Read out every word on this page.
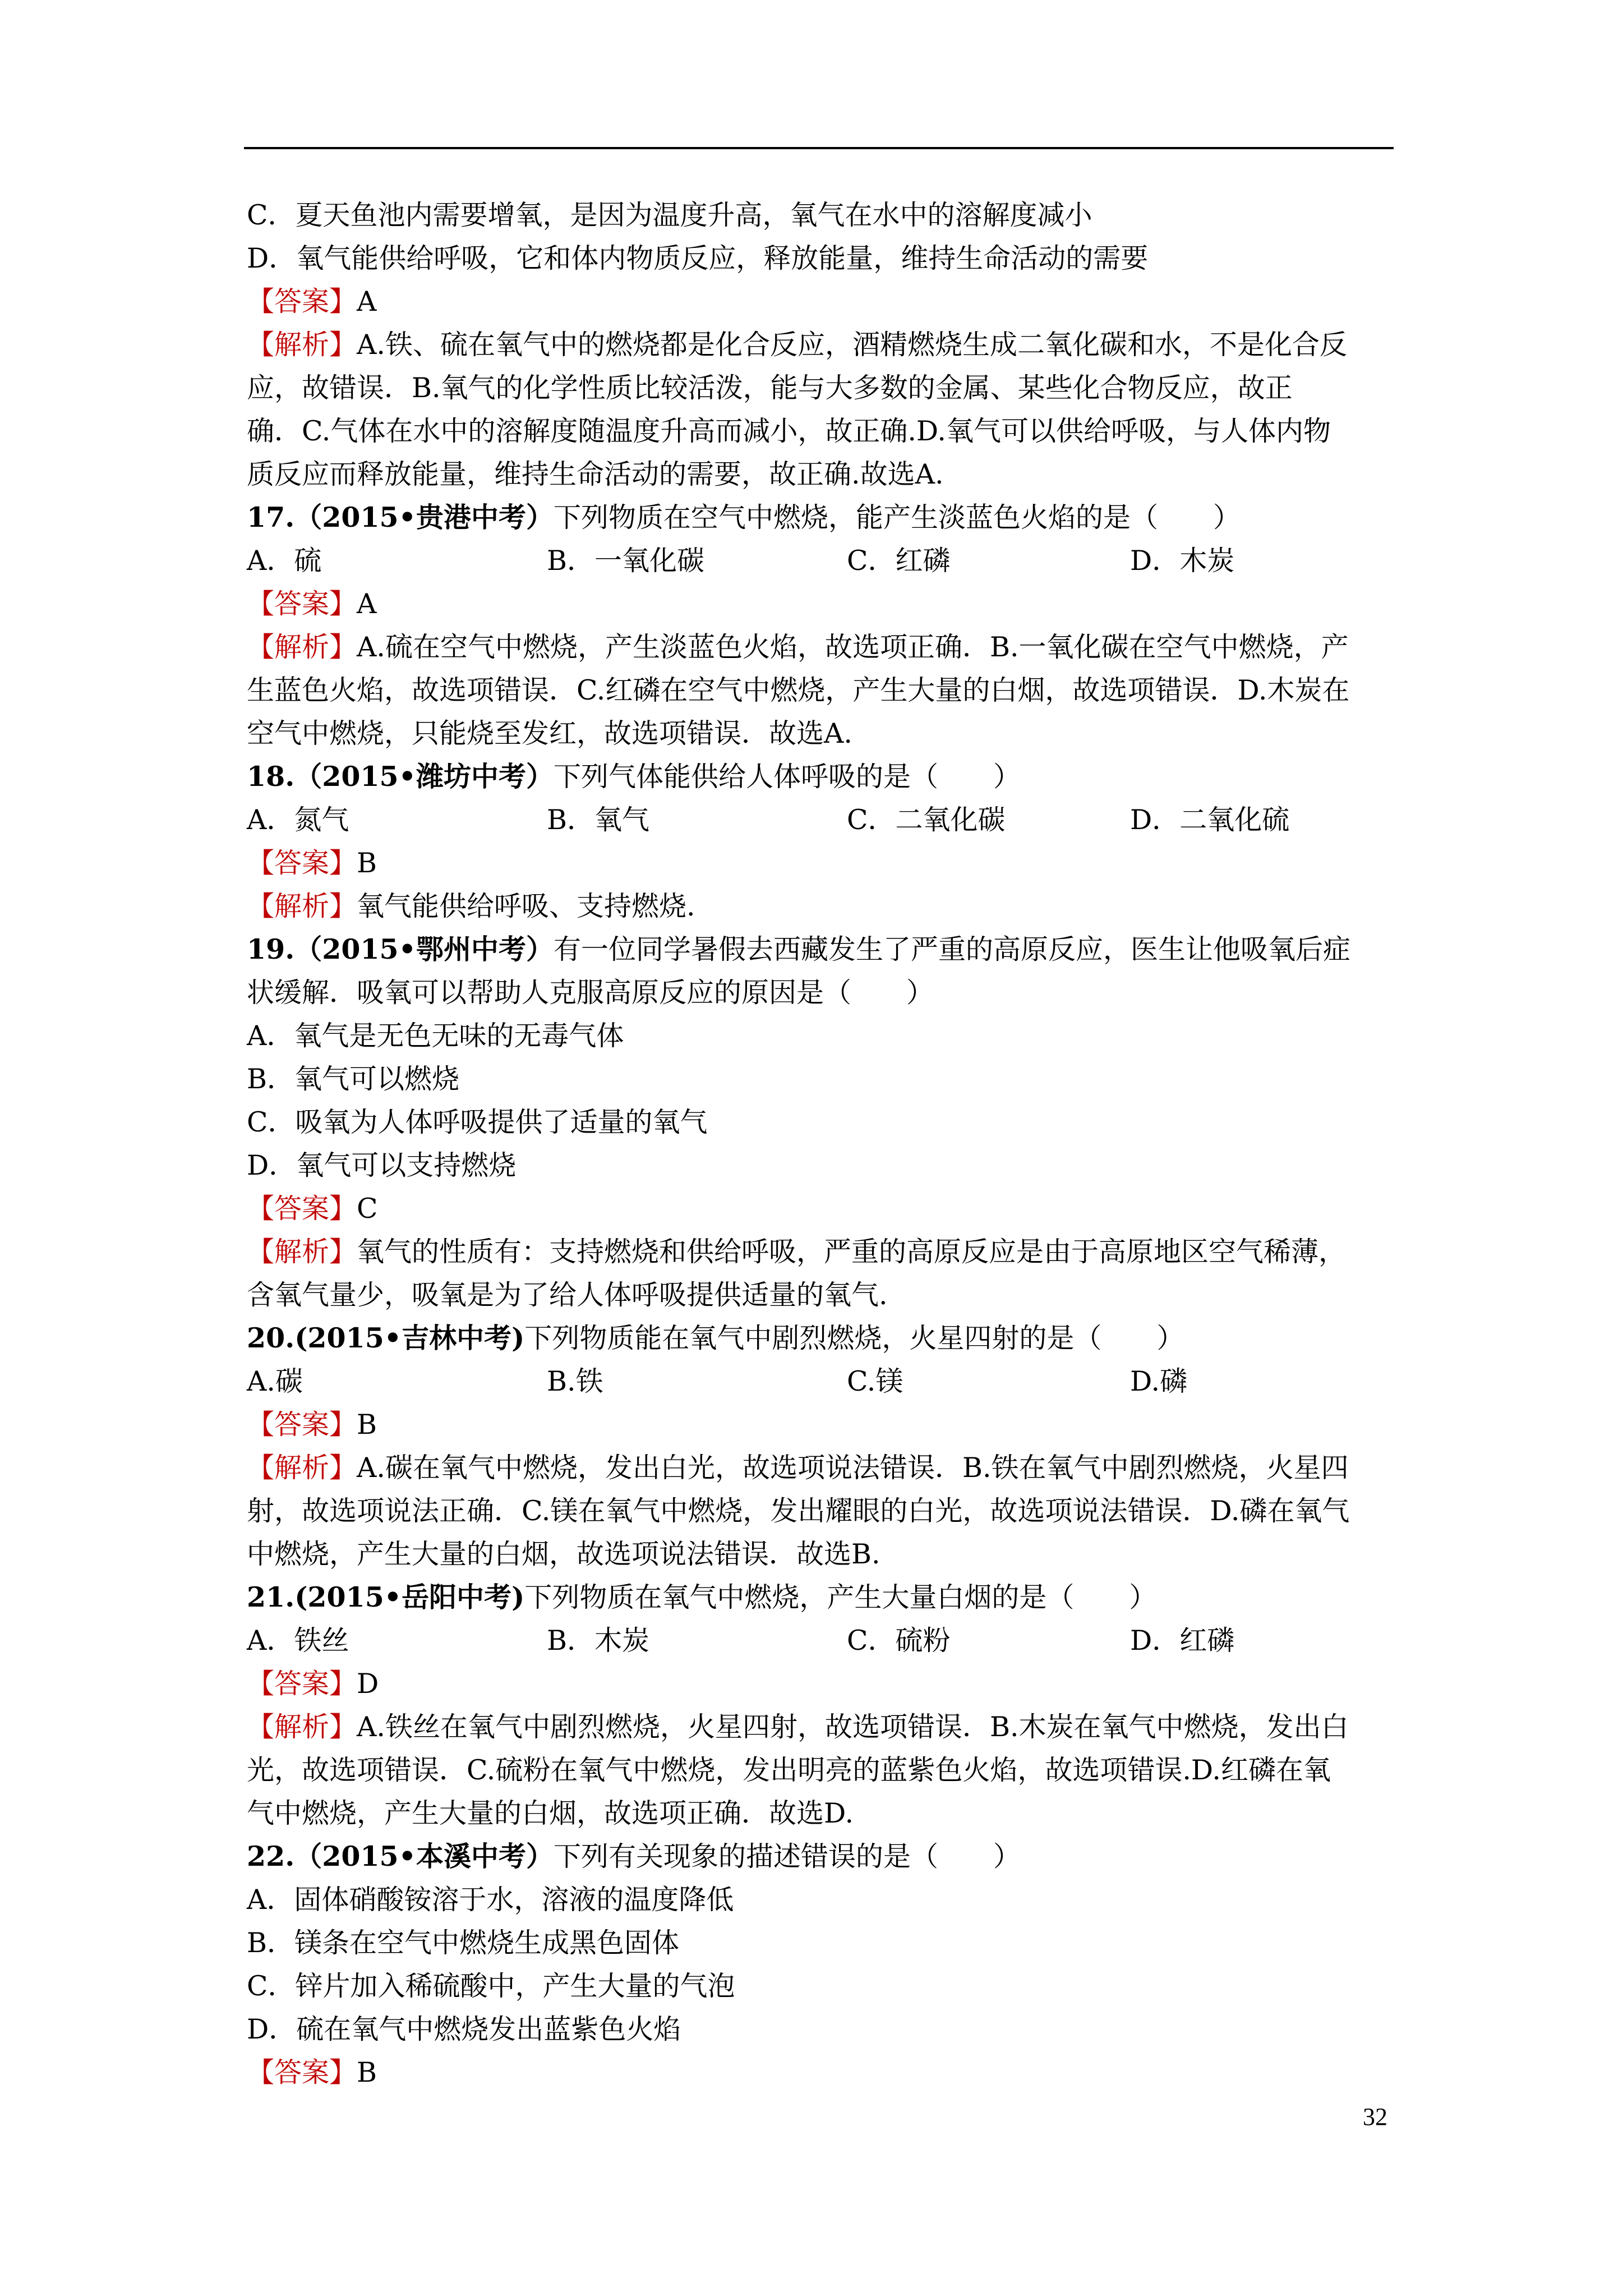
C．夏天鱼池内需要增氧，是因为温度升高，氧气在水中的溶解度减小
D．氧气能供给呼吸，它和体内物质反应，释放能量，维持生命活动的需要
【答案】A
【解析】A.铁、硫在氧气中的燃烧都是化合反应，酒精燃烧生成二氧化碳和水，不是化合反
应，故错误．B.氧气的化学性质比较活泼，能与大多数的金属、某些化合物反应，故正
确．C.气体在水中的溶解度随温度升高而减小，故正确.D.氧气可以供给呼吸，与人体内物
质反应而释放能量，维持生命活动的需要，故正确.故选A.
17.（2015•贵港中考）下列物质在空气中燃烧，能产生淡蓝色火焰的是（　　）
A．硫	B．一氧化碳	C．红磷	D．木炭
【答案】A
【解析】A.硫在空气中燃烧，产生淡蓝色火焰，故选项正确．B.一氧化碳在空气中燃烧，产
生蓝色火焰，故选项错误．C.红磷在空气中燃烧，产生大量的白烟，故选项错误．D.木炭在
空气中燃烧，只能烧至发红，故选项错误．故选A.
18.（2015•潍坊中考）下列气体能供给人体呼吸的是（　　）
A．氮气	B．氧气	C．二氧化碳	D．二氧化硫
【答案】B
【解析】氧气能供给呼吸、支持燃烧.
19.（2015•鄂州中考）有一位同学暑假去西藏发生了严重的高原反应，医生让他吸氧后症
状缓解．吸氧可以帮助人克服高原反应的原因是（　　）
A．氧气是无色无味的无毒气体
B．氧气可以燃烧
C．吸氧为人体呼吸提供了适量的氧气
D．氧气可以支持燃烧
【答案】C
【解析】氧气的性质有：支持燃烧和供给呼吸，严重的高原反应是由于高原地区空气稀薄，
含氧气量少，吸氧是为了给人体呼吸提供适量的氧气.
20.(2015•吉林中考)下列物质能在氧气中剧烈燃烧，火星四射的是（　　）
A.碳	B.铁	C.镁	D.磷
【答案】B
【解析】A.碳在氧气中燃烧，发出白光，故选项说法错误．B.铁在氧气中剧烈燃烧，火星四
射，故选项说法正确．C.镁在氧气中燃烧，发出耀眼的白光，故选项说法错误．D.磷在氧气
中燃烧，产生大量的白烟，故选项说法错误．故选B.
21.(2015•岳阳中考)下列物质在氧气中燃烧，产生大量白烟的是（　　）
A．铁丝	B．木炭	C．硫粉	D．红磷
【答案】D
【解析】A.铁丝在氧气中剧烈燃烧，火星四射，故选项错误．B.木炭在氧气中燃烧，发出白
光，故选项错误．C.硫粉在氧气中燃烧，发出明亮的蓝紫色火焰，故选项错误.D.红磷在氧
气中燃烧，产生大量的白烟，故选项正确．故选D.
22.（2015•本溪中考）下列有关现象的描述错误的是（　　）
A．固体硝酸铵溶于水，溶液的温度降低
B．镁条在空气中燃烧生成黑色固体
C．锌片加入稀硫酸中，产生大量的气泡
D．硫在氧气中燃烧发出蓝紫色火焰
【答案】B
32
